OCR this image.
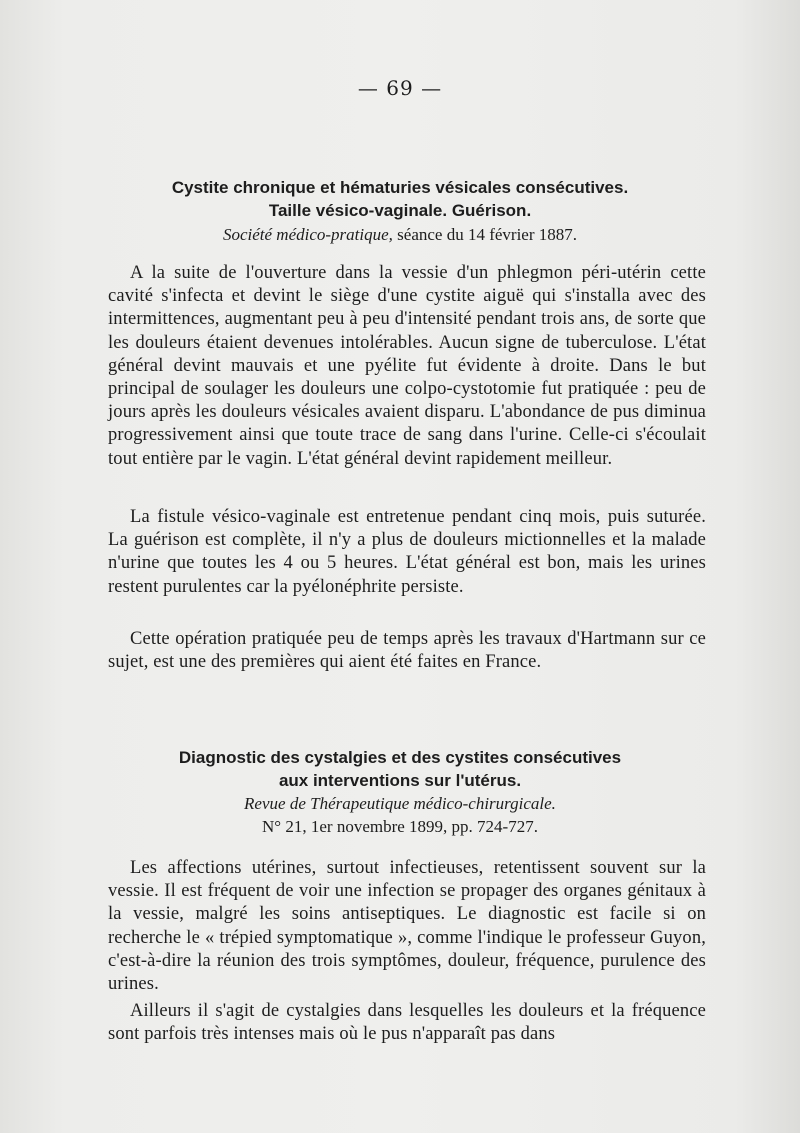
— 69 —
Cystite chronique et hématuries vésicales consécutives.
Taille vésico-vaginale. Guérison.
Société médico-pratique, séance du 14 février 1887.

A la suite de l'ouverture dans la vessie d'un phlegmon péri-utérin cette cavité s'infecta et devint le siège d'une cystite aiguë qui s'installa avec des intermittences, augmentant peu à peu d'intensité pendant trois ans, de sorte que les douleurs étaient devenues intolérables. Aucun signe de tuberculose. L'état général devint mauvais et une pyélite fut évidente à droite. Dans le but principal de soulager les douleurs une colpo-cystotomie fut pratiquée : peu de jours après les douleurs vésicales avaient disparu. L'abondance de pus diminua progressivement ainsi que toute trace de sang dans l'urine. Celle-ci s'écoulait tout entière par le vagin. L'état général devint rapidement meilleur.

La fistule vésico-vaginale est entretenue pendant cinq mois, puis suturée. La guérison est complète, il n'y a plus de douleurs mictionnelles et la malade n'urine que toutes les 4 ou 5 heures. L'état général est bon, mais les urines restent purulentes car la pyélonéphrite persiste.

Cette opération pratiquée peu de temps après les travaux d'Hartmann sur ce sujet, est une des premières qui aient été faites en France.

Diagnostic des cystalgies et des cystites consécutives
aux interventions sur l'utérus.
Revue de Thérapeutique médico-chirurgicale.
N° 21, 1er novembre 1899, pp. 724-727.

Les affections utérines, surtout infectieuses, retentissent souvent sur la vessie. Il est fréquent de voir une infection se propager des organes génitaux à la vessie, malgré les soins antiseptiques. Le diagnostic est facile si on recherche le « trépied symptomatique », comme l'indique le professeur Guyon, c'est-à-dire la réunion des trois symptômes, douleur, fréquence, purulence des urines.

Ailleurs il s'agit de cystalgies dans lesquelles les douleurs et la fréquence sont parfois très intenses mais où le pus n'apparaît pas dans
